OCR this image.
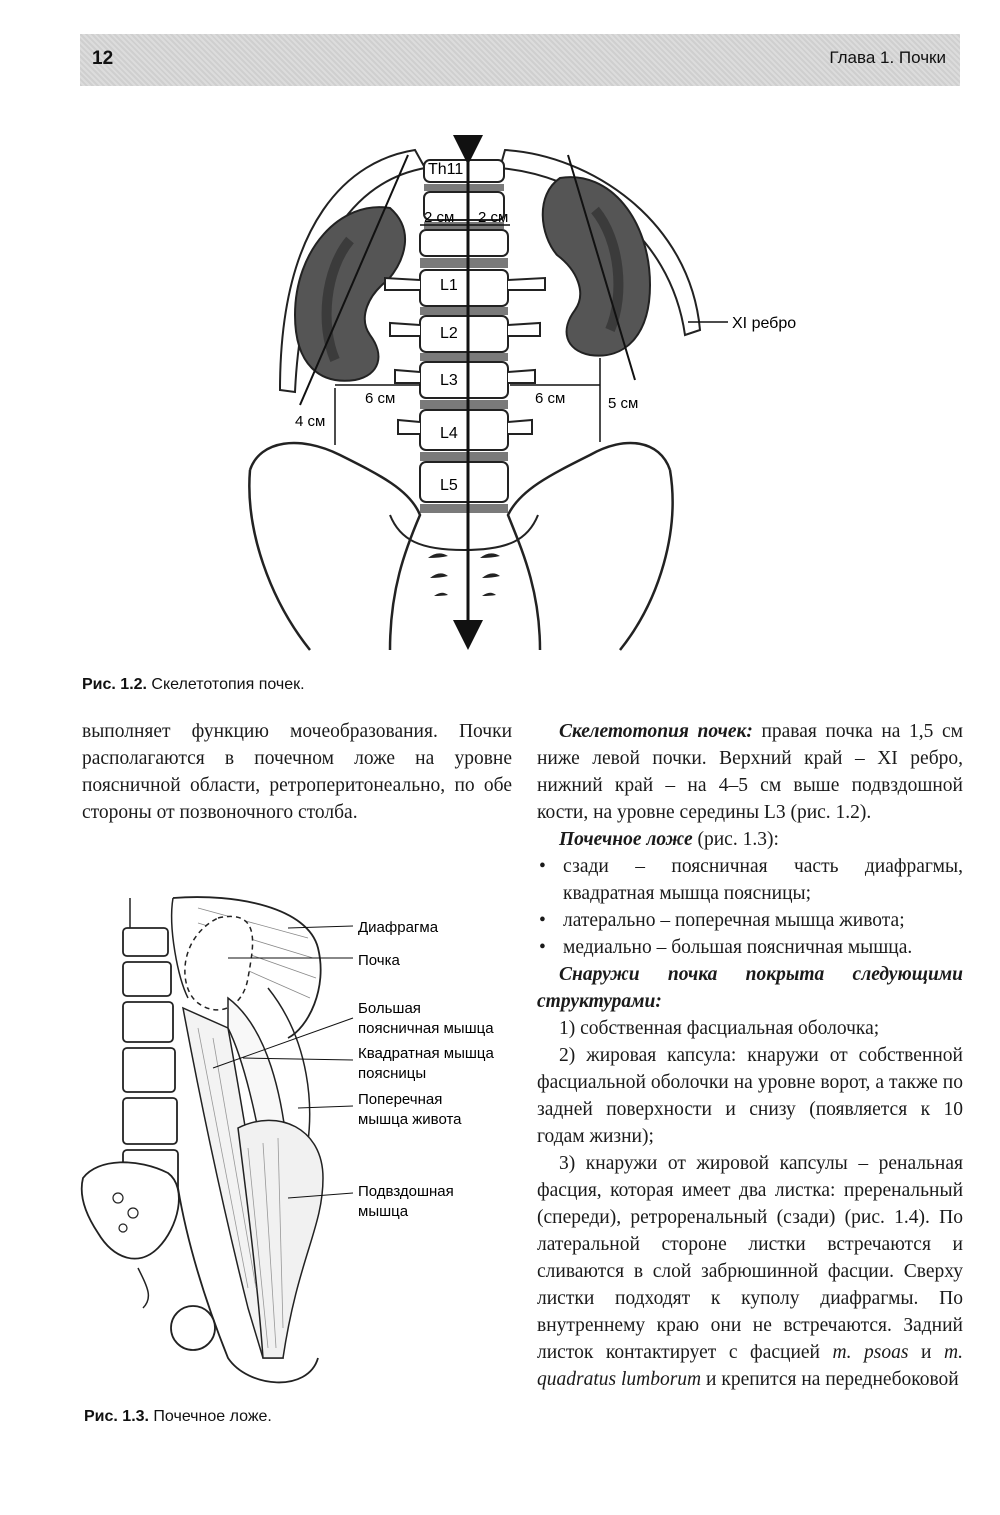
12	Глава 1. Почки
Th11
2 см 2 см
L1
L2
L3
L4
L5
XI ребро
6 см	6 см
4 см
5 см
Рис. 1.2. Скелетотопия почек.

выполняет функцию мочеобразования. Почки располагаются в почечном ложе на уровне поясничной области, ретроперитонеально, по обе стороны от позвоночного столба.

Диафрагма
Почка
Большая
поясничная мышца
Квадратная мышца
поясницы
Поперечная
мышца живота
Подвздошная
мышца
Рис. 1.3. Почечное ложе.

Скелетотопия почек: правая почка на 1,5 см ниже левой почки. Верхний край – XI ребро, нижний край – на 4–5 см выше подвздошной кости, на уровне середины L3 (рис. 1.2).

Почечное ложе (рис. 1.3):

• сзади – поясничная часть диафрагмы, квадратная мышца поясницы;
• латерально – поперечная мышца живота;
• медиально – большая поясничная мышца.

Снаружи почка покрыта следующими структурами:

1) собственная фасциальная оболочка;

2) жировая капсула: кнаружи от собственной фасциальной оболочки на уровне ворот, а также по задней поверхности и снизу (появляется к 10 годам жизни);

3) кнаружи от жировой капсулы – ренальная фасция, которая имеет два листка: преренальный (спереди), ретроренальный (сзади) (рис. 1.4). По латеральной стороне листки встречаются и сливаются в слой забрюшинной фасции. Сверху листки подходят к куполу диафрагмы. По внутреннему краю они не встречаются. Задний листок контактирует с фасцией m. psoas и m. quadratus lumborum и крепится на переднебоковой
